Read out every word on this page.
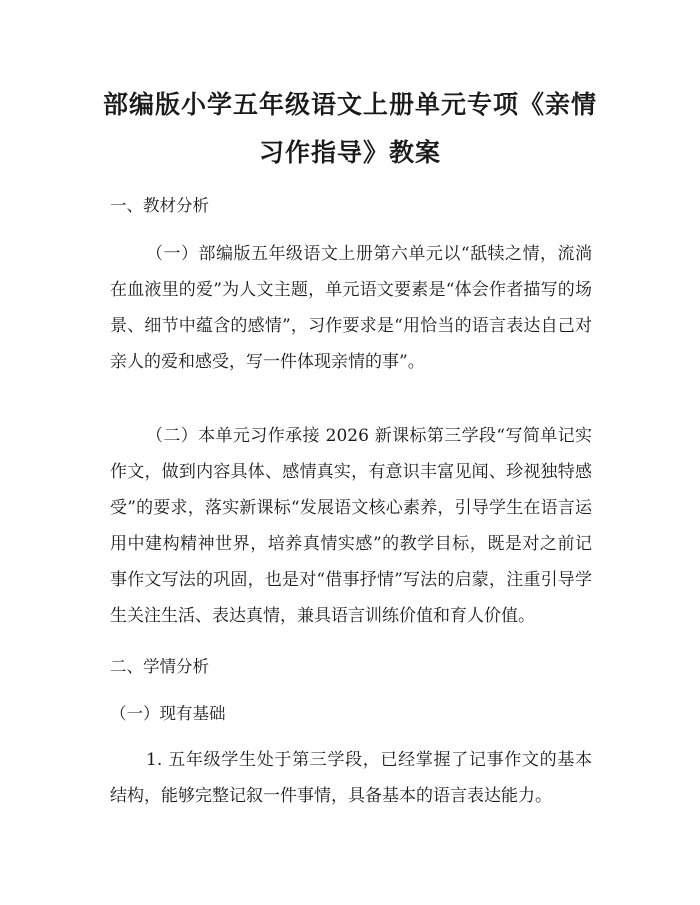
部编版小学五年级语文上册单元专项《亲情
习作指导》教案
一、教材分析
（一）部编版五年级语文上册第六单元以“舐犊之情，流淌在血液里的爱”为人文主题，单元语文要素是“体会作者描写的场景、细节中蕴含的感情”，习作要求是“用恰当的语言表达自己对亲人的爱和感受，写一件体现亲情的事”。
（二）本单元习作承接 2026 新课标第三学段“写简单记实作文，做到内容具体、感情真实，有意识丰富见闻、珍视独特感受”的要求，落实新课标“发展语文核心素养，引导学生在语言运用中建构精神世界，培养真情实感”的教学目标，既是对之前记事作文写法的巩固，也是对“借事抒情”写法的启蒙，注重引导学生关注生活、表达真情，兼具语言训练价值和育人价值。
二、学情分析
（一）现有基础
1. 五年级学生处于第三学段，已经掌握了记事作文的基本结构，能够完整记叙一件事情，具备基本的语言表达能力。
